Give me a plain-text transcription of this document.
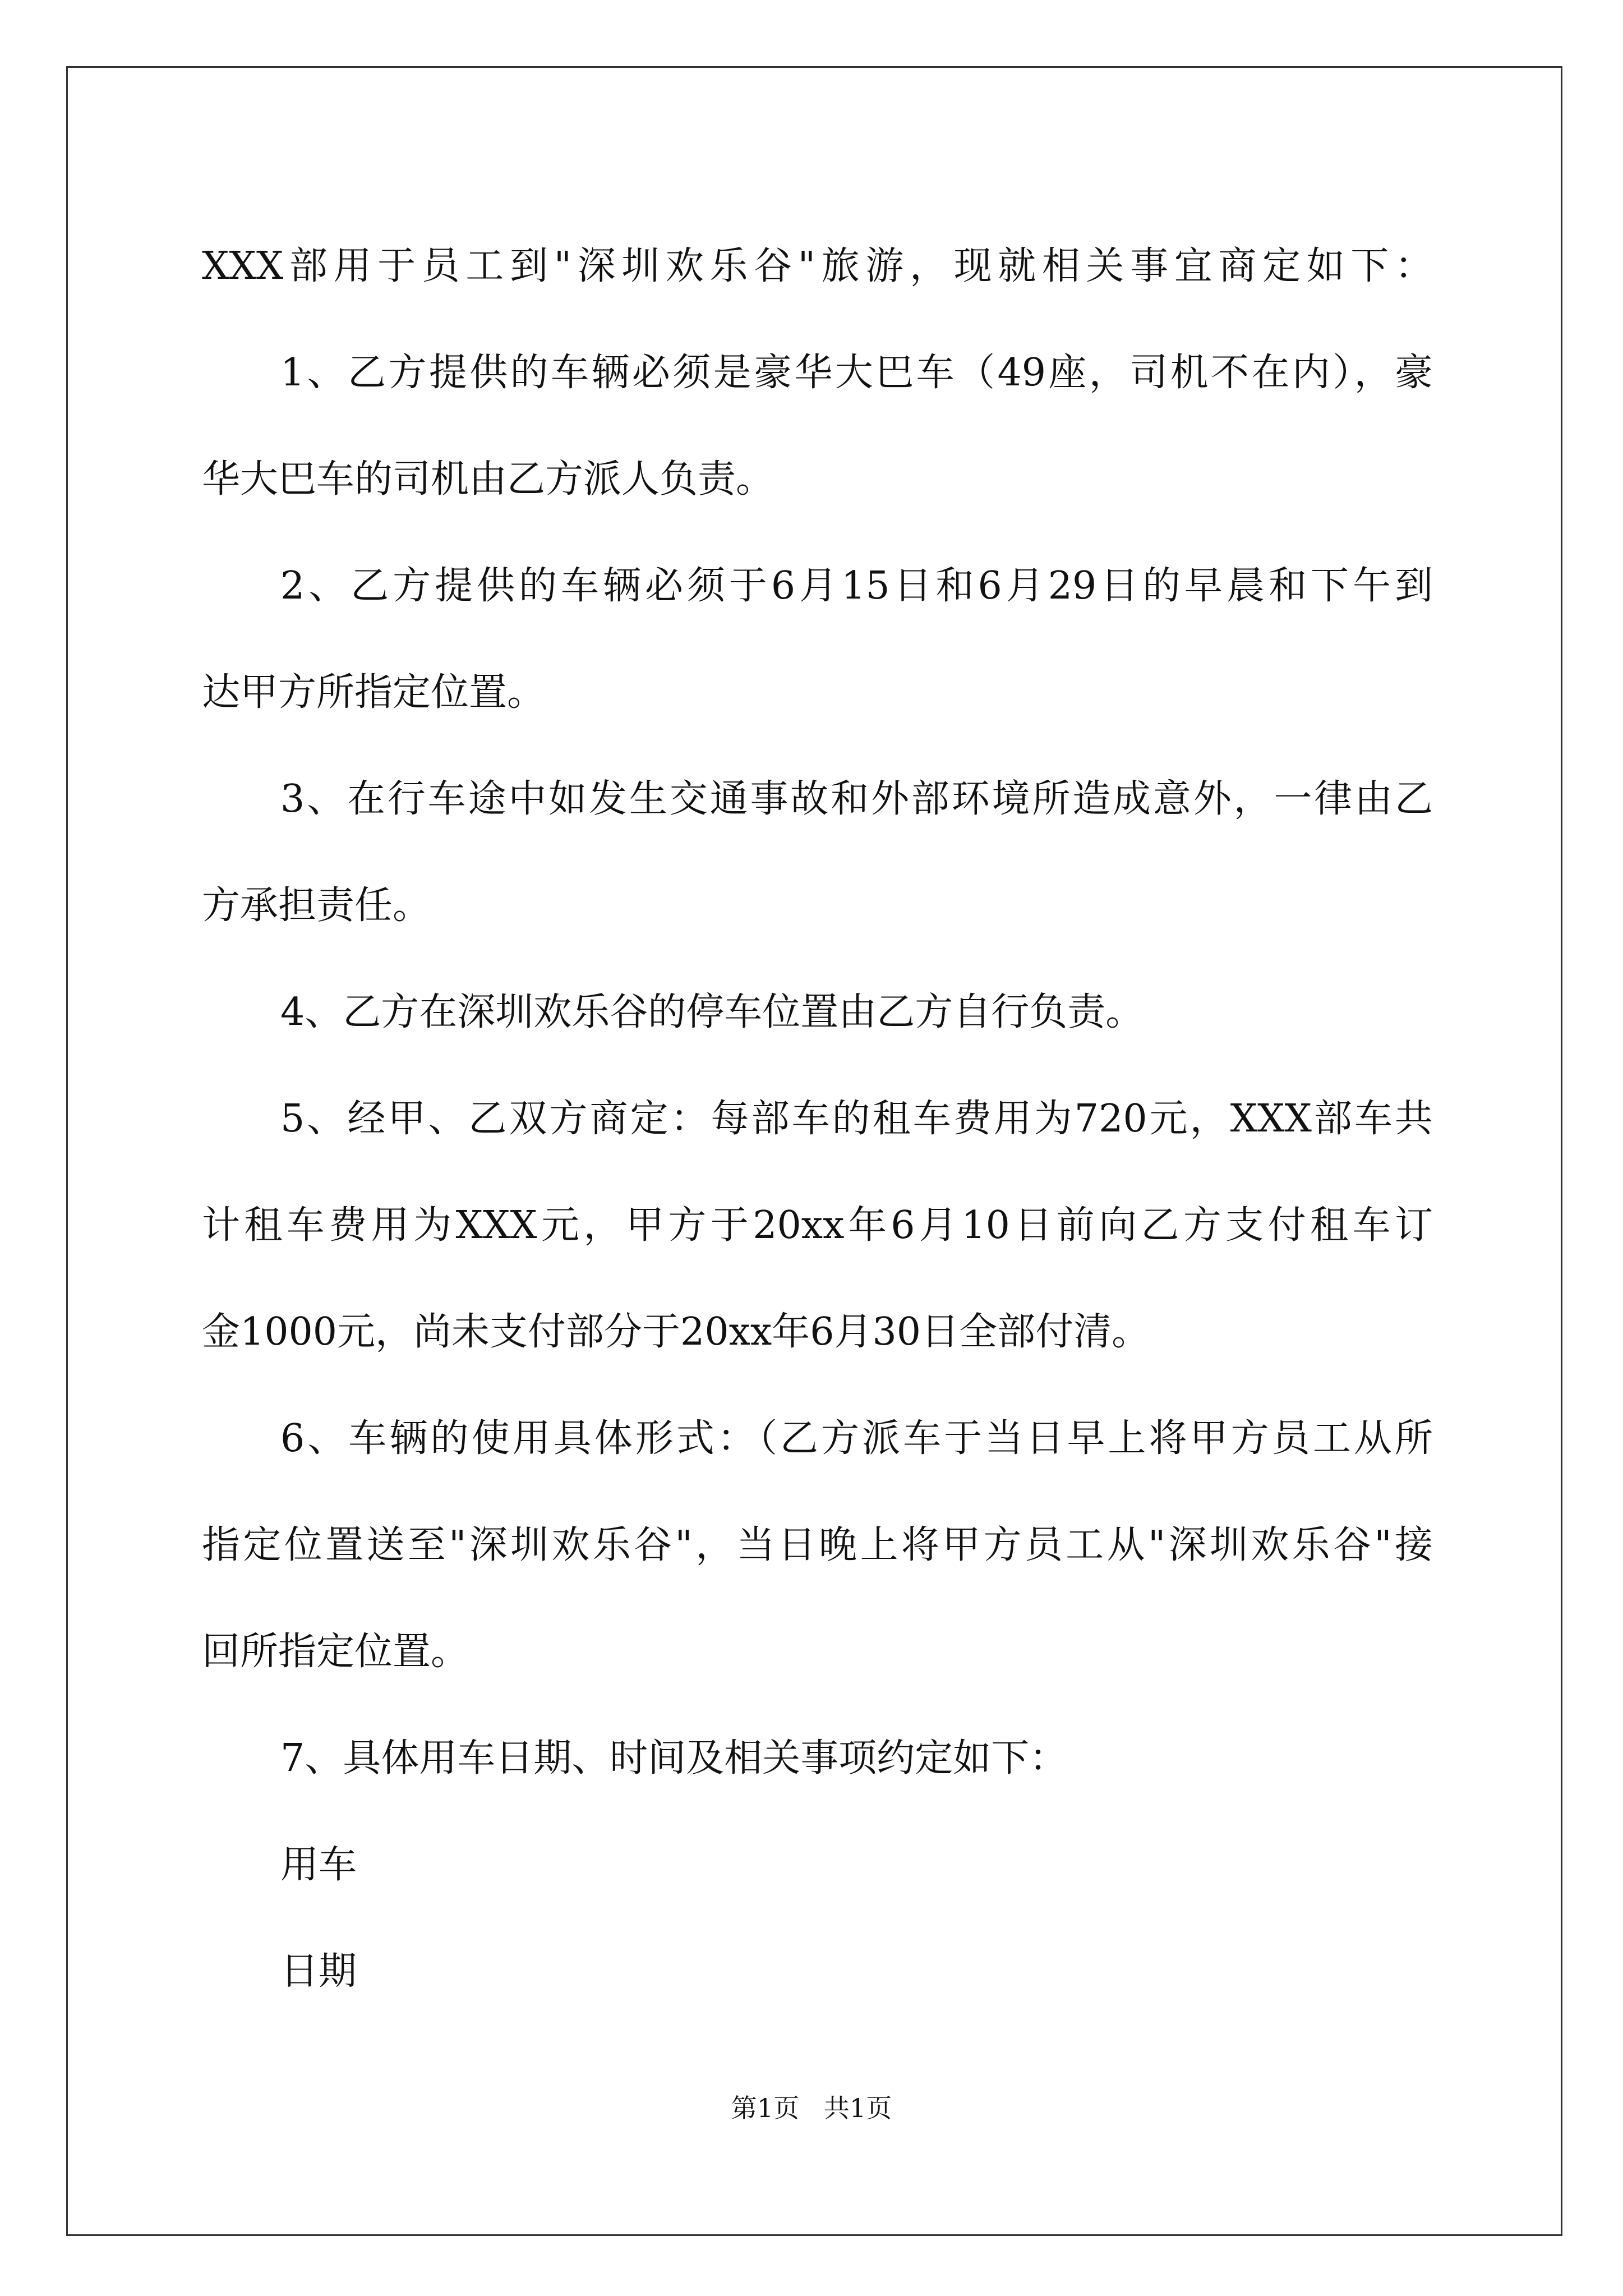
XXX部用于员工到"深圳欢乐谷"旅游，现就相关事宜商定如下：
1、乙方提供的车辆必须是豪华大巴车（49座，司机不在内），豪
华大巴车的司机由乙方派人负责。
2、乙方提供的车辆必须于6月15日和6月29日的早晨和下午到
达甲方所指定位置。
3、在行车途中如发生交通事故和外部环境所造成意外，一律由乙
方承担责任。
4、乙方在深圳欢乐谷的停车位置由乙方自行负责。
5、经甲、乙双方商定：每部车的租车费用为720元，XXX部车共
计租车费用为XXX元，甲方于20xx年6月10日前向乙方支付租车订
金1000元，尚未支付部分于20xx年6月30日全部付清。
6、车辆的使用具体形式：（乙方派车于当日早上将甲方员工从所
指定位置送至"深圳欢乐谷"，当日晚上将甲方员工从"深圳欢乐谷"接
回所指定位置。
7、具体用车日期、时间及相关事项约定如下：
用车
日期
第1页   共1页
